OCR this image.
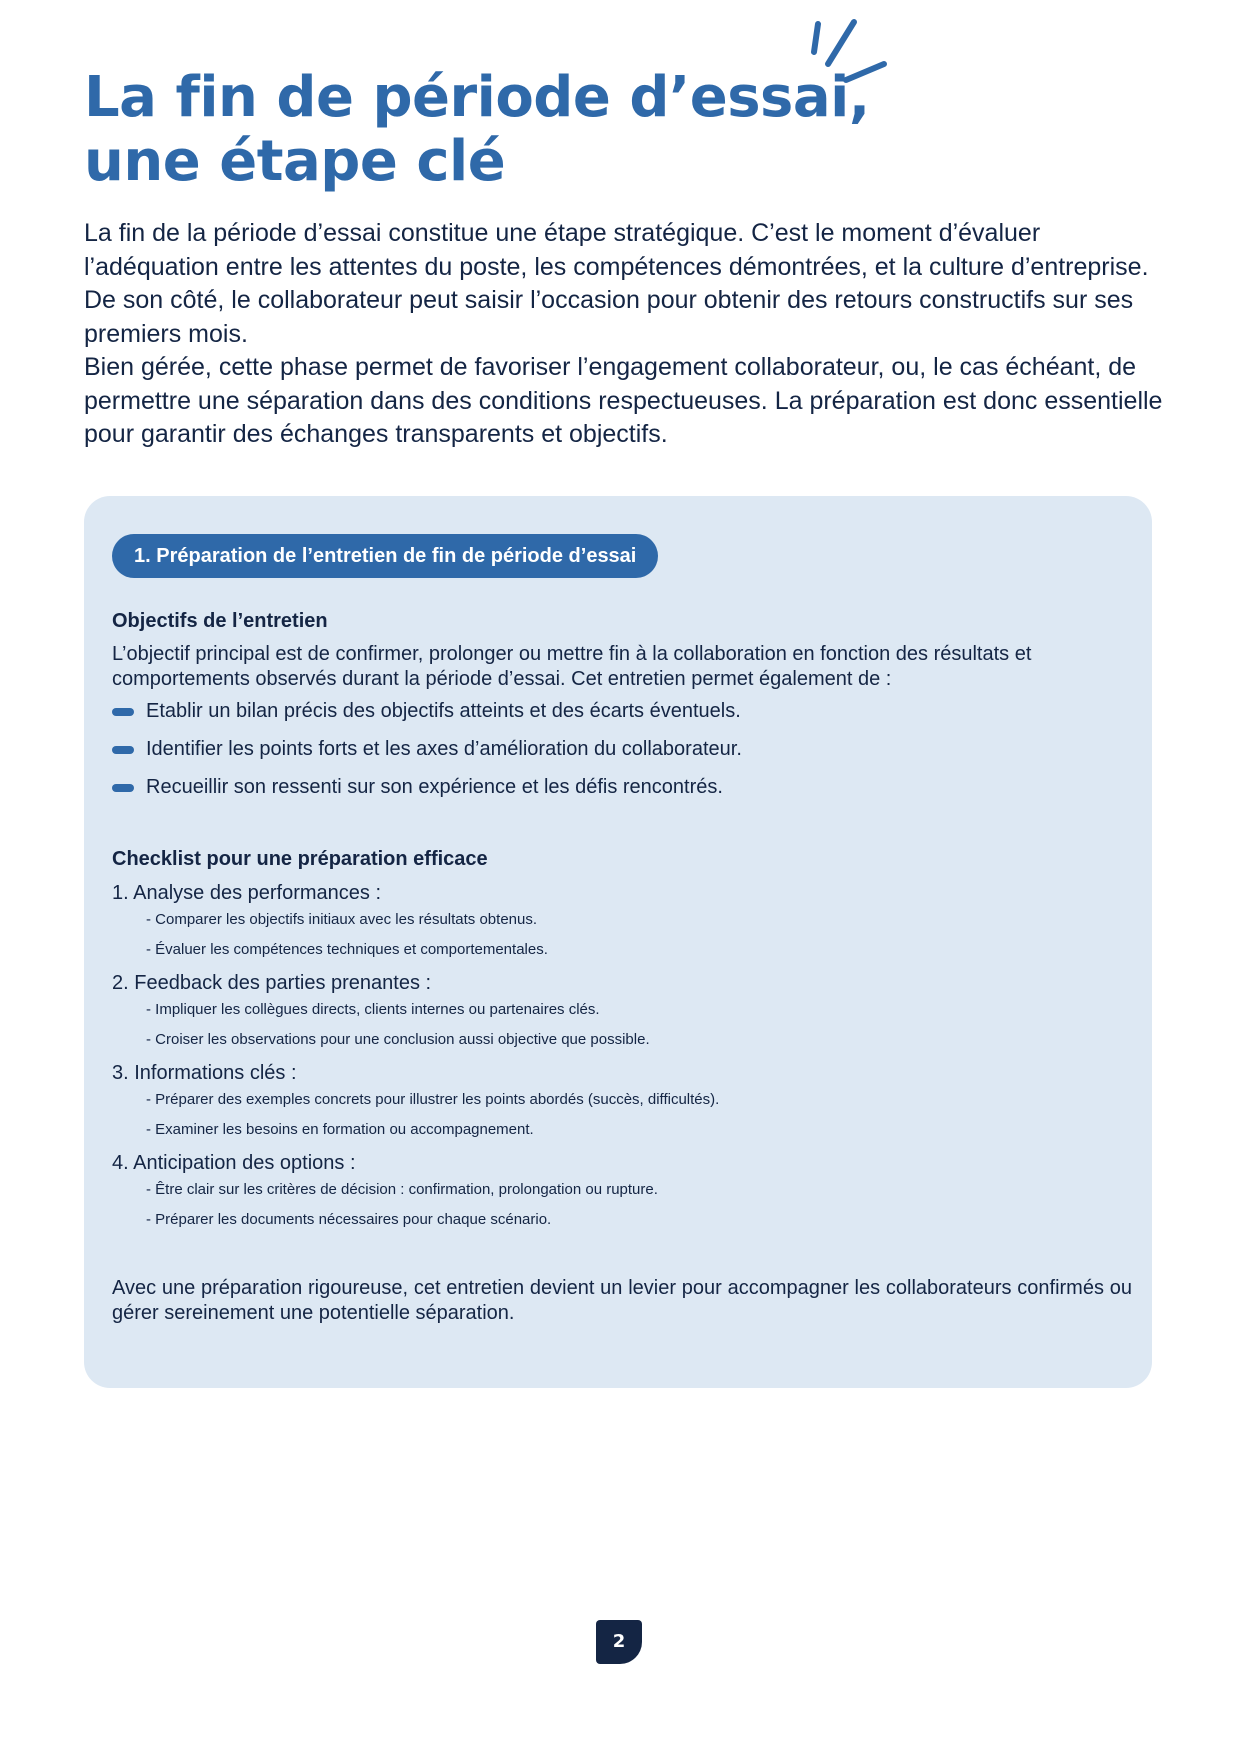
La fin de période d’essai,
une étape clé

La fin de la période d’essai constitue une étape stratégique. C’est le moment d’évaluer l’adéquation entre les attentes du poste, les compétences démontrées, et la culture d’entreprise. De son côté, le collaborateur peut saisir l’occasion pour obtenir des retours constructifs sur ses premiers mois.

Bien gérée, cette phase permet de favoriser l’engagement collaborateur, ou, le cas échéant, de permettre une séparation dans des conditions respectueuses. La préparation est donc essentielle pour garantir des échanges transparents et objectifs.

1. Préparation de l’entretien de fin de période d’essai
Objectifs de l’entretien

L’objectif principal est de confirmer, prolonger ou mettre fin à la collaboration en fonction des résultats et comportements observés durant la période d’essai. Cet entretien permet également de :

Etablir un bilan précis des objectifs atteints et des écarts éventuels.
Identifier les points forts et les axes d’amélioration du collaborateur.
Recueillir son ressenti sur son expérience et les défis rencontrés.
Checklist pour une préparation efficace

1. Analyse des performances :

- Comparer les objectifs initiaux avec les résultats obtenus.
- Évaluer les compétences techniques et comportementales.

2. Feedback des parties prenantes :

- Impliquer les collègues directs, clients internes ou partenaires clés.
- Croiser les observations pour une conclusion aussi objective que possible.

3. Informations clés :

- Préparer des exemples concrets pour illustrer les points abordés (succès, difficultés).
- Examiner les besoins en formation ou accompagnement.

4. Anticipation des options :

- Être clair sur les critères de décision : confirmation, prolongation ou rupture.
- Préparer les documents nécessaires pour chaque scénario.

Avec une préparation rigoureuse, cet entretien devient un levier pour accompagner les collaborateurs confirmés ou gérer sereinement une potentielle séparation.

2
